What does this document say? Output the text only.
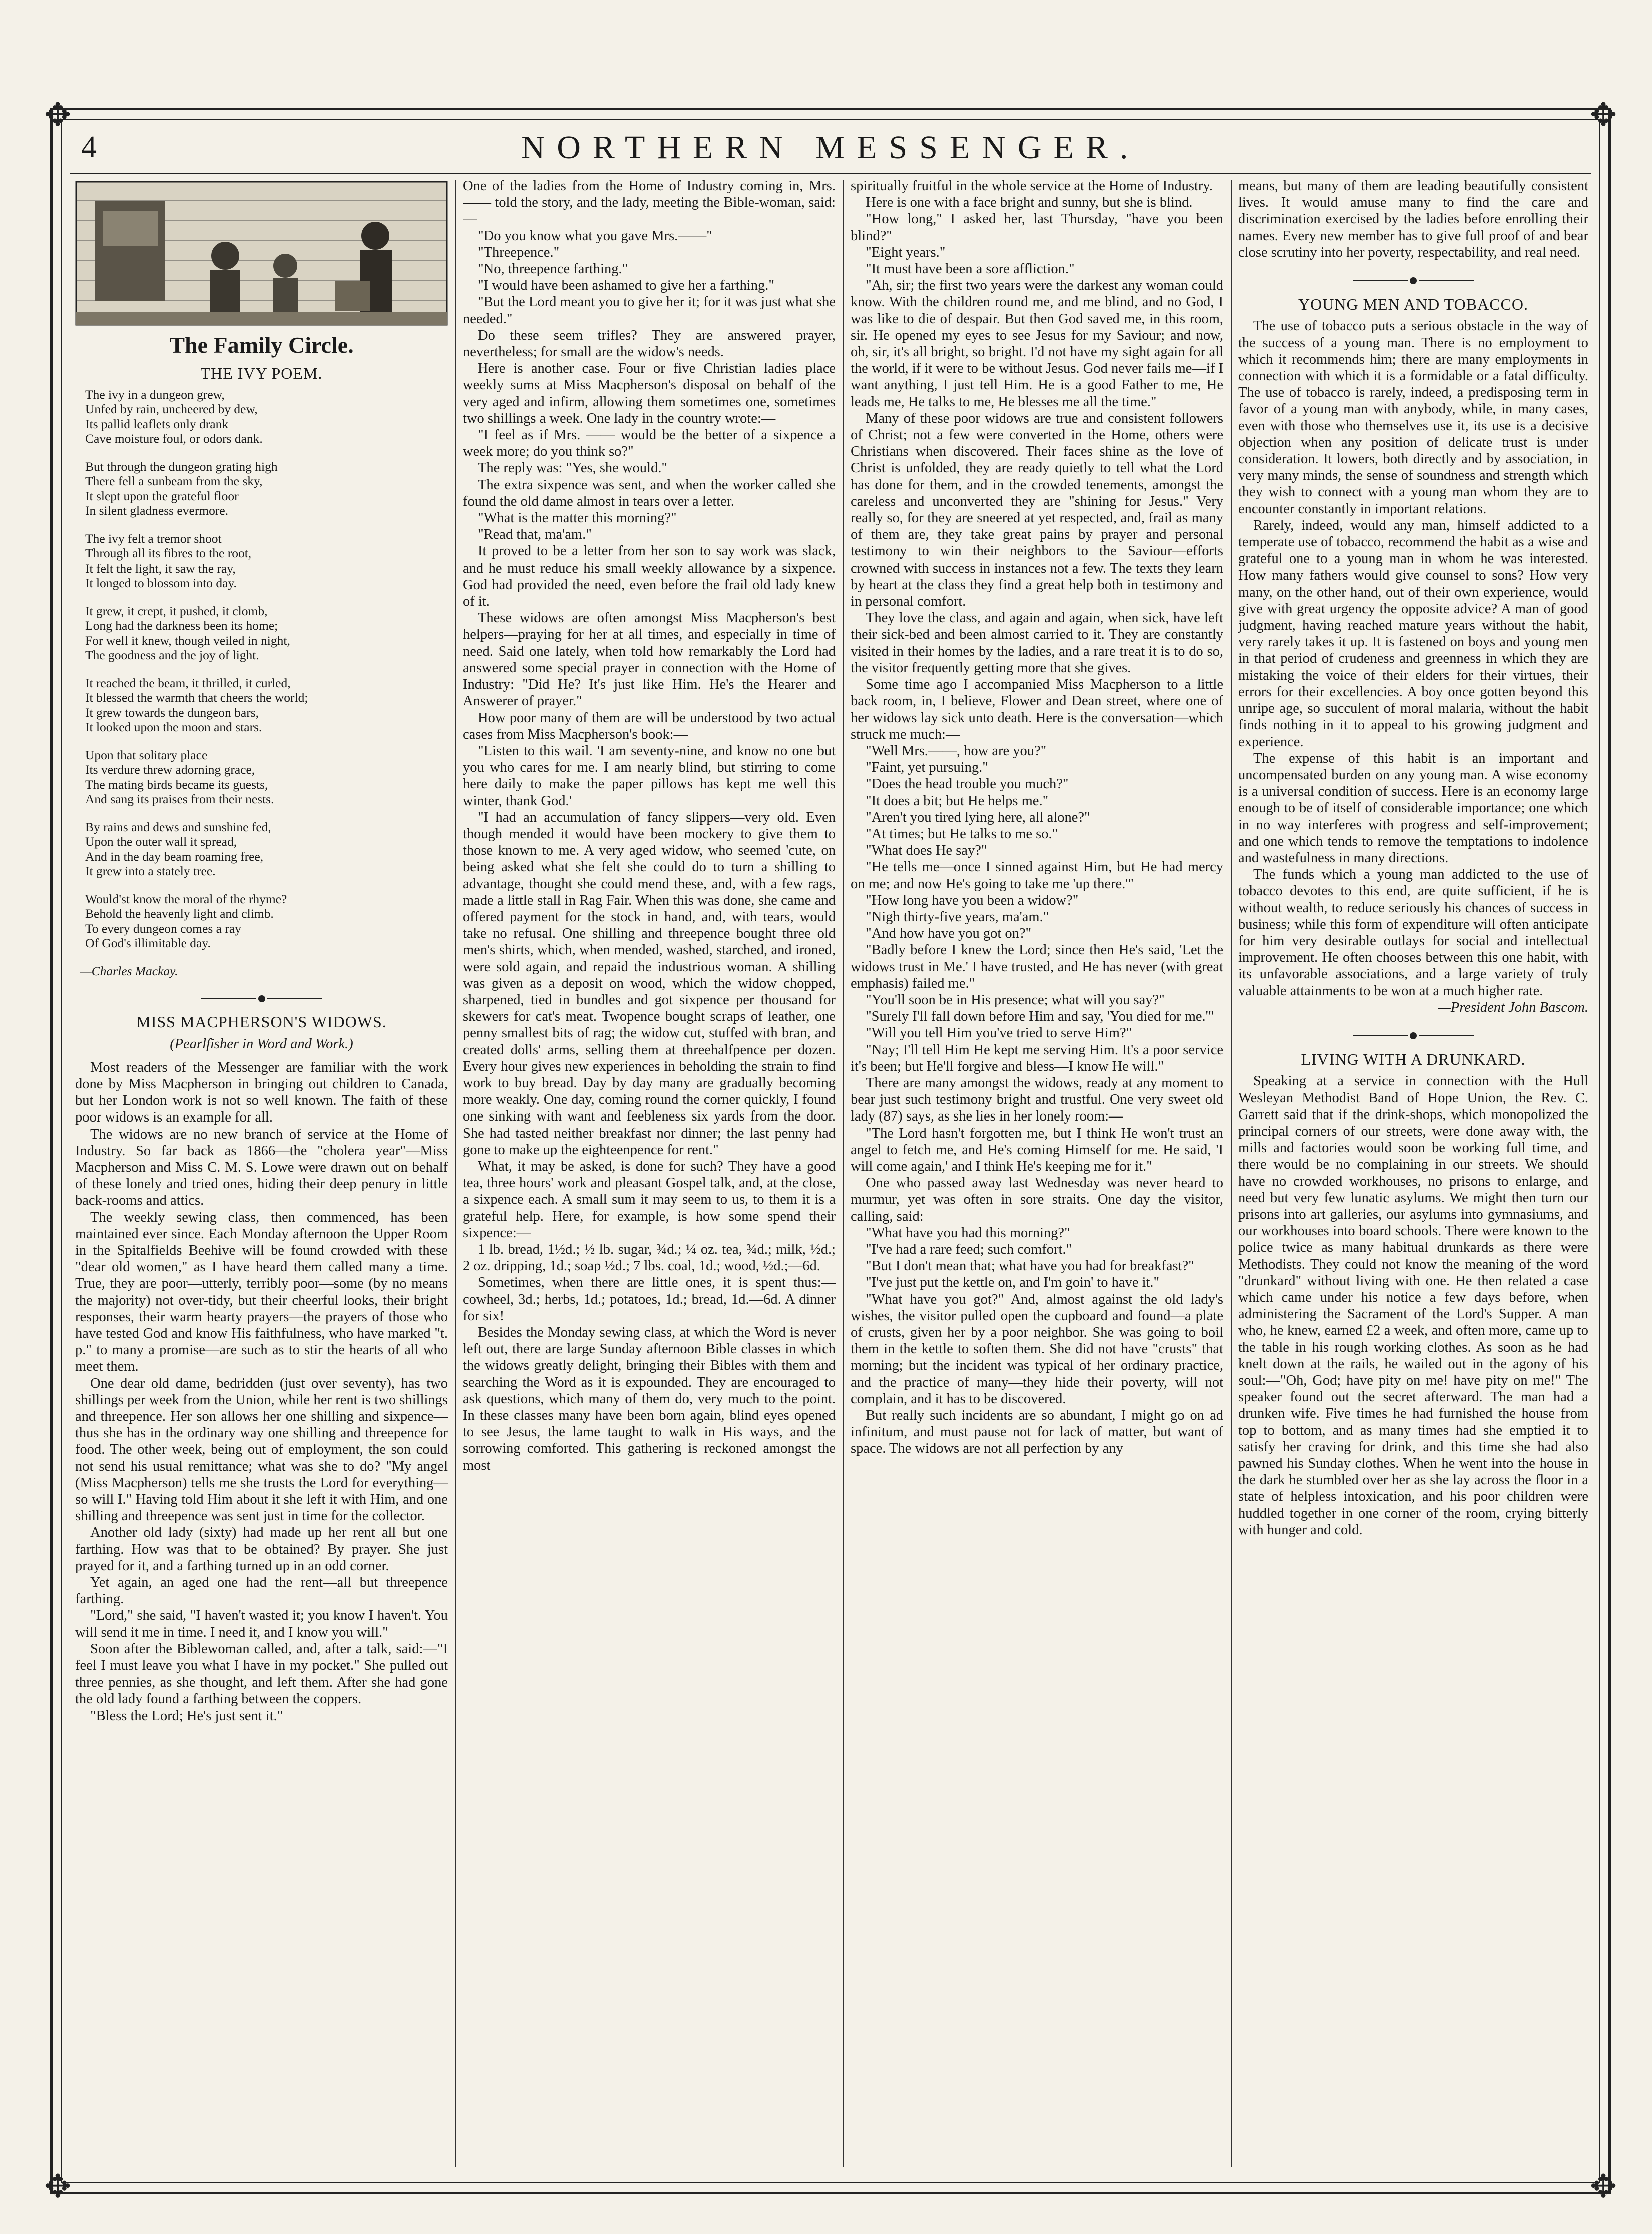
✥	✥
✥	✥
4	NORTHERN MESSENGER.
The Family Circle.
THE IVY POEM.
The ivy in a dungeon grew,
Unfed by rain, uncheered by dew,
Its pallid leaflets only drank
Cave moisture foul, or odors dank.
But through the dungeon grating high
There fell a sunbeam from the sky,
It slept upon the grateful floor
In silent gladness evermore.
The ivy felt a tremor shoot
Through all its fibres to the root,
It felt the light, it saw the ray,
It longed to blossom into day.
It grew, it crept, it pushed, it clomb,
Long had the darkness been its home;
For well it knew, though veiled in night,
The goodness and the joy of light.
It reached the beam, it thrilled, it curled,
It blessed the warmth that cheers the world;
It grew towards the dungeon bars,
It looked upon the moon and stars.
Upon that solitary place
Its verdure threw adorning grace,
The mating birds became its guests,
And sang its praises from their nests.
By rains and dews and sunshine fed,
Upon the outer wall it spread,
And in the day beam roaming free,
It grew into a stately tree.
Would'st know the moral of the rhyme?
Behold the heavenly light and climb.
To every dungeon comes a ray
Of God's illimitable day.
—Charles Mackay.
MISS MACPHERSON'S WIDOWS.
(Pearlfisher in Word and Work.)

Most readers of the Messenger are familiar with the work done by Miss Macpherson in bringing out children to Canada, but her London work is not so well known. The faith of these poor widows is an example for all.

The widows are no new branch of service at the Home of Industry. So far back as 1866—the "cholera year"—Miss Macpherson and Miss C. M. S. Lowe were drawn out on behalf of these lonely and tried ones, hiding their deep penury in little back-rooms and attics.

The weekly sewing class, then commenced, has been maintained ever since. Each Monday afternoon the Upper Room in the Spitalfields Beehive will be found crowded with these "dear old women," as I have heard them called many a time. True, they are poor—utterly, terribly poor—some (by no means the majority) not over-tidy, but their cheerful looks, their bright responses, their warm hearty prayers—the prayers of those who have tested God and know His faithfulness, who have marked "t. p." to many a promise—are such as to stir the hearts of all who meet them.

One dear old dame, bedridden (just over seventy), has two shillings per week from the Union, while her rent is two shillings and threepence. Her son allows her one shilling and sixpence—thus she has in the ordinary way one shilling and threepence for food. The other week, being out of employment, the son could not send his usual remittance; what was she to do? "My angel (Miss Macpherson) tells me she trusts the Lord for everything—so will I." Having told Him about it she left it with Him, and one shilling and threepence was sent just in time for the collector.

Another old lady (sixty) had made up her rent all but one farthing. How was that to be obtained? By prayer. She just prayed for it, and a farthing turned up in an odd corner.

Yet again, an aged one had the rent—all but threepence farthing.

"Lord," she said, "I haven't wasted it; you know I haven't. You will send it me in time. I need it, and I know you will."

Soon after the Biblewoman called, and, after a talk, said:—"I feel I must leave you what I have in my pocket." She pulled out three pennies, as she thought, and left them. After she had gone the old lady found a farthing between the coppers.

"Bless the Lord; He's just sent it."

One of the ladies from the Home of Industry coming in, Mrs. —— told the story, and the lady, meeting the Bible-woman, said:—

"Do you know what you gave Mrs.——"

"Threepence."

"No, threepence farthing."

"I would have been ashamed to give her a farthing."

"But the Lord meant you to give her it; for it was just what she needed."

Do these seem trifles? They are answered prayer, nevertheless; for small are the widow's needs.

Here is another case. Four or five Christian ladies place weekly sums at Miss Macpherson's disposal on behalf of the very aged and infirm, allowing them sometimes one, sometimes two shillings a week. One lady in the country wrote:—

"I feel as if Mrs. —— would be the better of a sixpence a week more; do you think so?"

The reply was: "Yes, she would."

The extra sixpence was sent, and when the worker called she found the old dame almost in tears over a letter.

"What is the matter this morning?"

"Read that, ma'am."

It proved to be a letter from her son to say work was slack, and he must reduce his small weekly allowance by a sixpence. God had provided the need, even before the frail old lady knew of it.

These widows are often amongst Miss Macpherson's best helpers—praying for her at all times, and especially in time of need. Said one lately, when told how remarkably the Lord had answered some special prayer in connection with the Home of Industry: "Did He? It's just like Him. He's the Hearer and Answerer of prayer."

How poor many of them are will be understood by two actual cases from Miss Macpherson's book:—

"Listen to this wail. 'I am seventy-nine, and know no one but you who cares for me. I am nearly blind, but stirring to come here daily to make the paper pillows has kept me well this winter, thank God.'

"I had an accumulation of fancy slippers—very old. Even though mended it would have been mockery to give them to those known to me. A very aged widow, who seemed 'cute, on being asked what she felt she could do to turn a shilling to advantage, thought she could mend these, and, with a few rags, made a little stall in Rag Fair. When this was done, she came and offered payment for the stock in hand, and, with tears, would take no refusal. One shilling and threepence bought three old men's shirts, which, when mended, washed, starched, and ironed, were sold again, and repaid the industrious woman. A shilling was given as a deposit on wood, which the widow chopped, sharpened, tied in bundles and got sixpence per thousand for skewers for cat's meat. Twopence bought scraps of leather, one penny smallest bits of rag; the widow cut, stuffed with bran, and created dolls' arms, selling them at threehalfpence per dozen. Every hour gives new experiences in beholding the strain to find work to buy bread. Day by day many are gradually becoming more weakly. One day, coming round the corner quickly, I found one sinking with want and feebleness six yards from the door. She had tasted neither breakfast nor dinner; the last penny had gone to make up the eighteenpence for rent."

What, it may be asked, is done for such? They have a good tea, three hours' work and pleasant Gospel talk, and, at the close, a sixpence each. A small sum it may seem to us, to them it is a grateful help. Here, for example, is how some spend their sixpence:—

1 lb. bread, 1½d.; ½ lb. sugar, ¾d.; ¼ oz. tea, ¾d.; milk, ½d.; 2 oz. dripping, 1d.; soap ½d.; 7 lbs. coal, 1d.; wood, ½d.;—6d.

Sometimes, when there are little ones, it is spent thus:—cowheel, 3d.; herbs, 1d.; potatoes, 1d.; bread, 1d.—6d. A dinner for six!

Besides the Monday sewing class, at which the Word is never left out, there are large Sunday afternoon Bible classes in which the widows greatly delight, bringing their Bibles with them and searching the Word as it is expounded. They are encouraged to ask questions, which many of them do, very much to the point. In these classes many have been born again, blind eyes opened to see Jesus, the lame taught to walk in His ways, and the sorrowing comforted. This gathering is reckoned amongst the most

spiritually fruitful in the whole service at the Home of Industry.

Here is one with a face bright and sunny, but she is blind.

"How long," I asked her, last Thursday, "have you been blind?"

"Eight years."

"It must have been a sore affliction."

"Ah, sir; the first two years were the darkest any woman could know. With the children round me, and me blind, and no God, I was like to die of despair. But then God saved me, in this room, sir. He opened my eyes to see Jesus for my Saviour; and now, oh, sir, it's all bright, so bright. I'd not have my sight again for all the world, if it were to be without Jesus. God never fails me—if I want anything, I just tell Him. He is a good Father to me, He leads me, He talks to me, He blesses me all the time."

Many of these poor widows are true and consistent followers of Christ; not a few were converted in the Home, others were Christians when discovered. Their faces shine as the love of Christ is unfolded, they are ready quietly to tell what the Lord has done for them, and in the crowded tenements, amongst the careless and unconverted they are "shining for Jesus." Very really so, for they are sneered at yet respected, and, frail as many of them are, they take great pains by prayer and personal testimony to win their neighbors to the Saviour—efforts crowned with success in instances not a few. The texts they learn by heart at the class they find a great help both in testimony and in personal comfort.

They love the class, and again and again, when sick, have left their sick-bed and been almost carried to it. They are constantly visited in their homes by the ladies, and a rare treat it is to do so, the visitor frequently getting more that she gives.

Some time ago I accompanied Miss Macpherson to a little back room, in, I believe, Flower and Dean street, where one of her widows lay sick unto death. Here is the conversation—which struck me much:—

"Well Mrs.——, how are you?"

"Faint, yet pursuing."

"Does the head trouble you much?"

"It does a bit; but He helps me."

"Aren't you tired lying here, all alone?"

"At times; but He talks to me so."

"What does He say?"

"He tells me—once I sinned against Him, but He had mercy on me; and now He's going to take me 'up there.'"

"How long have you been a widow?"

"Nigh thirty-five years, ma'am."

"And how have you got on?"

"Badly before I knew the Lord; since then He's said, 'Let the widows trust in Me.' I have trusted, and He has never (with great emphasis) failed me."

"You'll soon be in His presence; what will you say?"

"Surely I'll fall down before Him and say, 'You died for me.'"

"Will you tell Him you've tried to serve Him?"

"Nay; I'll tell Him He kept me serving Him. It's a poor service it's been; but He'll forgive and bless—I know He will."

There are many amongst the widows, ready at any moment to bear just such testimony bright and trustful. One very sweet old lady (87) says, as she lies in her lonely room:—

"The Lord hasn't forgotten me, but I think He won't trust an angel to fetch me, and He's coming Himself for me. He said, 'I will come again,' and I think He's keeping me for it."

One who passed away last Wednesday was never heard to murmur, yet was often in sore straits. One day the visitor, calling, said:

"What have you had this morning?"

"I've had a rare feed; such comfort."

"But I don't mean that; what have you had for breakfast?"

"I've just put the kettle on, and I'm goin' to have it."

"What have you got?" And, almost against the old lady's wishes, the visitor pulled open the cupboard and found—a plate of crusts, given her by a poor neighbor. She was going to boil them in the kettle to soften them. She did not have "crusts" that morning; but the incident was typical of her ordinary practice, and the practice of many—they hide their poverty, will not complain, and it has to be discovered.

But really such incidents are so abundant, I might go on ad infinitum, and must pause not for lack of matter, but want of space. The widows are not all perfection by any

means, but many of them are leading beautifully consistent lives. It would amuse many to find the care and discrimination exercised by the ladies before enrolling their names. Every new member has to give full proof of and bear close scrutiny into her poverty, respectability, and real need.

YOUNG MEN AND TOBACCO.

The use of tobacco puts a serious obstacle in the way of the success of a young man. There is no employment to which it recommends him; there are many employments in connection with which it is a formidable or a fatal difficulty. The use of tobacco is rarely, indeed, a predisposing term in favor of a young man with anybody, while, in many cases, even with those who themselves use it, its use is a decisive objection when any position of delicate trust is under consideration. It lowers, both directly and by association, in very many minds, the sense of soundness and strength which they wish to connect with a young man whom they are to encounter constantly in important relations.

Rarely, indeed, would any man, himself addicted to a temperate use of tobacco, recommend the habit as a wise and grateful one to a young man in whom he was interested. How many fathers would give counsel to sons? How very many, on the other hand, out of their own experience, would give with great urgency the opposite advice? A man of good judgment, having reached mature years without the habit, very rarely takes it up. It is fastened on boys and young men in that period of crudeness and greenness in which they are mistaking the voice of their elders for their virtues, their errors for their excellencies. A boy once gotten beyond this unripe age, so succulent of moral malaria, without the habit finds nothing in it to appeal to his growing judgment and experience.

The expense of this habit is an important and uncompensated burden on any young man. A wise economy is a universal condition of success. Here is an economy large enough to be of itself of considerable importance; one which in no way interferes with progress and self-improvement; and one which tends to remove the temptations to indolence and wastefulness in many directions.

The funds which a young man addicted to the use of tobacco devotes to this end, are quite sufficient, if he is without wealth, to reduce seriously his chances of success in business; while this form of expenditure will often anticipate for him very desirable outlays for social and intellectual improvement. He often chooses between this one habit, with its unfavorable associations, and a large variety of truly valuable attainments to be won at a much higher rate.

—President John Bascom.

LIVING WITH A DRUNKARD.

Speaking at a service in connection with the Hull Wesleyan Methodist Band of Hope Union, the Rev. C. Garrett said that if the drink-shops, which monopolized the principal corners of our streets, were done away with, the mills and factories would soon be working full time, and there would be no complaining in our streets. We should have no crowded workhouses, no prisons to enlarge, and need but very few lunatic asylums. We might then turn our prisons into art galleries, our asylums into gymnasiums, and our workhouses into board schools. There were known to the police twice as many habitual drunkards as there were Methodists. They could not know the meaning of the word "drunkard" without living with one. He then related a case which came under his notice a few days before, when administering the Sacrament of the Lord's Supper. A man who, he knew, earned £2 a week, and often more, came up to the table in his rough working clothes. As soon as he had knelt down at the rails, he wailed out in the agony of his soul:—"Oh, God; have pity on me! have pity on me!" The speaker found out the secret afterward. The man had a drunken wife. Five times he had furnished the house from top to bottom, and as many times had she emptied it to satisfy her craving for drink, and this time she had also pawned his Sunday clothes. When he went into the house in the dark he stumbled over her as she lay across the floor in a state of helpless intoxication, and his poor children were huddled together in one corner of the room, crying bitterly with hunger and cold.
